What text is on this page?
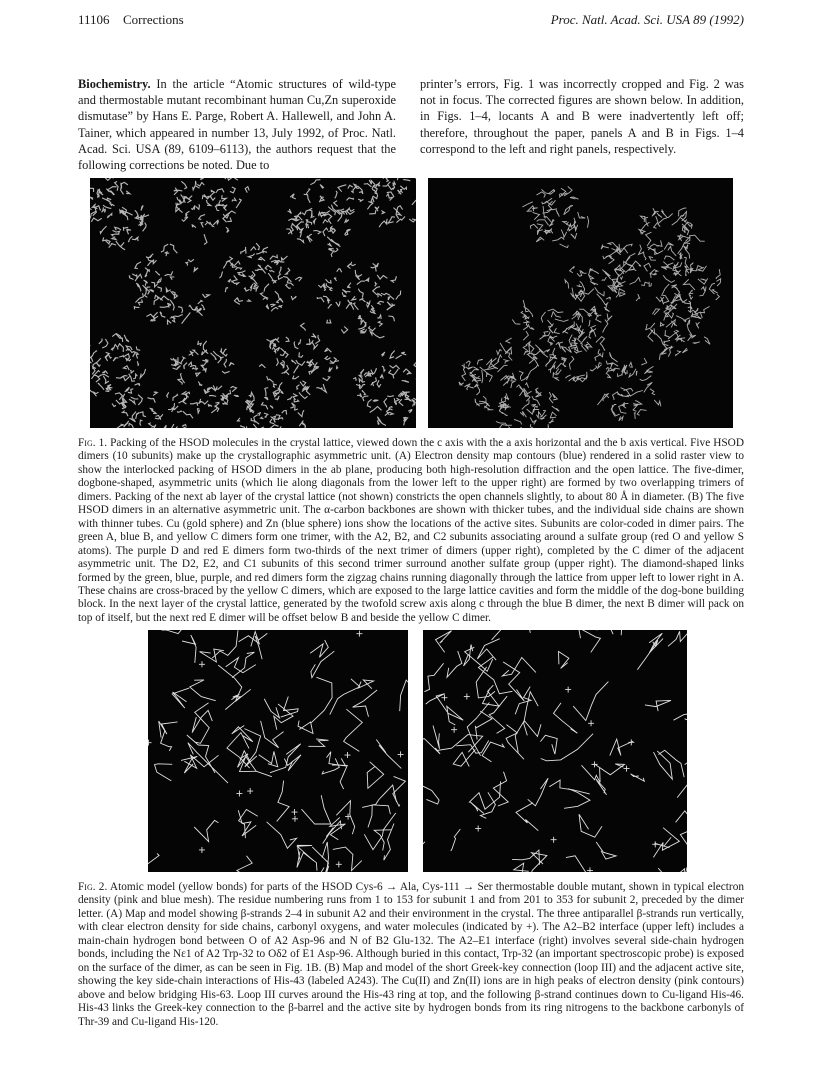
11106 Corrections	Proc. Natl. Acad. Sci. USA 89 (1992)
Biochemistry. In the article “Atomic structures of wild-type and thermostable mutant recombinant human Cu,Zn superoxide dismutase” by Hans E. Parge, Robert A. Hallewell, and John A. Tainer, which appeared in number 13, July 1992, of Proc. Natl. Acad. Sci. USA (89, 6109–6113), the authors request that the following corrections be noted. Due to
printer’s errors, Fig. 1 was incorrectly cropped and Fig. 2 was not in focus. The corrected figures are shown below. In addition, in Figs. 1–4, locants A and B were inadvertently left off; therefore, throughout the paper, panels A and B in Figs. 1–4 correspond to the left and right panels, respectively.
Fig. 1. Packing of the HSOD molecules in the crystal lattice, viewed down the c axis with the a axis horizontal and the b axis vertical. Five HSOD dimers (10 subunits) make up the crystallographic asymmetric unit. (A) Electron density map contours (blue) rendered in a solid raster view to show the interlocked packing of HSOD dimers in the ab plane, producing both high-resolution diffraction and the open lattice. The five-dimer, dogbone-shaped, asymmetric units (which lie along diagonals from the lower left to the upper right) are formed by two overlapping trimers of dimers. Packing of the next ab layer of the crystal lattice (not shown) constricts the open channels slightly, to about 80 Å in diameter. (B) The five HSOD dimers in an alternative asymmetric unit. The α-carbon backbones are shown with thicker tubes, and the individual side chains are shown with thinner tubes. Cu (gold sphere) and Zn (blue sphere) ions show the locations of the active sites. Subunits are color-coded in dimer pairs. The green A, blue B, and yellow C dimers form one trimer, with the A2, B2, and C2 subunits associating around a sulfate group (red O and yellow S atoms). The purple D and red E dimers form two-thirds of the next trimer of dimers (upper right), completed by the C dimer of the adjacent asymmetric unit. The D2, E2, and C1 subunits of this second trimer surround another sulfate group (upper right). The diamond-shaped links formed by the green, blue, purple, and red dimers form the zigzag chains running diagonally through the lattice from upper left to lower right in A. These chains are cross-braced by the yellow C dimers, which are exposed to the large lattice cavities and form the middle of the dog-bone building block. In the next layer of the crystal lattice, generated by the twofold screw axis along c through the blue B dimer, the next B dimer will pack on top of itself, but the next red E dimer will be offset below B and beside the yellow C dimer.
Fig. 2. Atomic model (yellow bonds) for parts of the HSOD Cys-6 → Ala, Cys-111 → Ser thermostable double mutant, shown in typical electron density (pink and blue mesh). The residue numbering runs from 1 to 153 for subunit 1 and from 201 to 353 for subunit 2, preceded by the dimer letter. (A) Map and model showing β-strands 2–4 in subunit A2 and their environment in the crystal. The three antiparallel β-strands run vertically, with clear electron density for side chains, carbonyl oxygens, and water molecules (indicated by +). The A2–B2 interface (upper left) includes a main-chain hydrogen bond between O of A2 Asp-96 and N of B2 Glu-132. The A2–E1 interface (right) involves several side-chain hydrogen bonds, including the Nε1 of A2 Trp-32 to Oδ2 of E1 Asp-96. Although buried in this contact, Trp-32 (an important spectroscopic probe) is exposed on the surface of the dimer, as can be seen in Fig. 1B. (B) Map and model of the short Greek-key connection (loop III) and the adjacent active site, showing the key side-chain interactions of His-43 (labeled A243). The Cu(II) and Zn(II) ions are in high peaks of electron density (pink contours) above and below bridging His-63. Loop III curves around the His-43 ring at top, and the following β-strand continues down to Cu-ligand His-46. His-43 links the Greek-key connection to the β-barrel and the active site by hydrogen bonds from its ring nitrogens to the backbone carbonyls of Thr-39 and Cu-ligand His-120.
